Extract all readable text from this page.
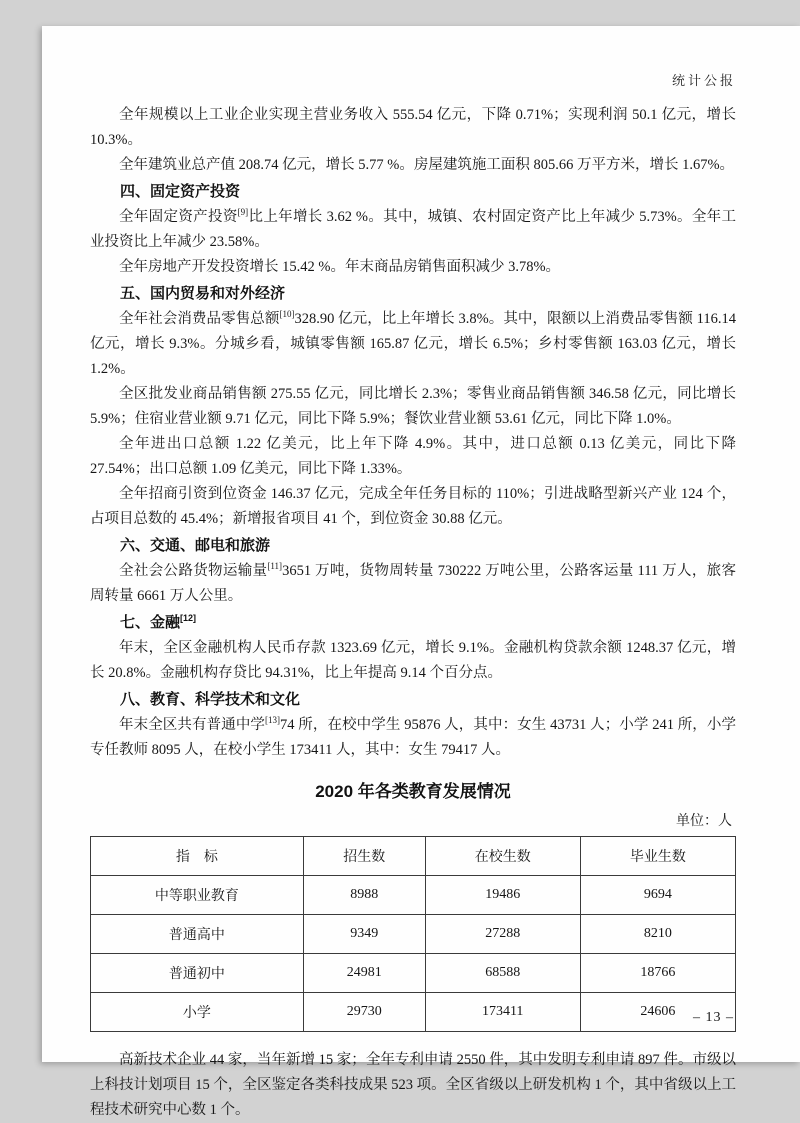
统计公报

全年规模以上工业企业实现主营业务收入 555.54 亿元，下降 0.71%；实现利润 50.1 亿元，增长 10.3%。

全年建筑业总产值 208.74 亿元，增长 5.77 %。房屋建筑施工面积 805.66 万平方米，增长 1.67%。

四、固定资产投资

全年固定资产投资[9]比上年增长 3.62 %。其中，城镇、农村固定资产比上年减少 5.73%。全年工业投资比上年减少 23.58%。

全年房地产开发投资增长 15.42 %。年末商品房销售面积减少 3.78%。

五、国内贸易和对外经济

全年社会消费品零售总额[10]328.90 亿元，比上年增长 3.8%。其中，限额以上消费品零售额 116.14 亿元，增长 9.3%。分城乡看，城镇零售额 165.87 亿元，增长 6.5%；乡村零售额 163.03 亿元，增长 1.2%。

全区批发业商品销售额 275.55 亿元，同比增长 2.3%；零售业商品销售额 346.58 亿元，同比增长 5.9%；住宿业营业额 9.71 亿元，同比下降 5.9%；餐饮业营业额 53.61 亿元，同比下降 1.0%。

全年进出口总额 1.22 亿美元，比上年下降 4.9%。其中，进口总额 0.13 亿美元，同比下降 27.54%；出口总额 1.09 亿美元，同比下降 1.33%。

全年招商引资到位资金 146.37 亿元，完成全年任务目标的 110%；引进战略型新兴产业 124 个，占项目总数的 45.4%；新增报省项目 41 个，到位资金 30.88 亿元。

六、交通、邮电和旅游

全社会公路货物运输量[11]3651 万吨，货物周转量 730222 万吨公里，公路客运量 111 万人，旅客周转量 6661 万人公里。

七、金融[12]

年末，全区金融机构人民币存款 1323.69 亿元，增长 9.1%。金融机构贷款余额 1248.37 亿元，增长 20.8%。金融机构存贷比 94.31%，比上年提高 9.14 个百分点。

八、教育、科学技术和文化

年末全区共有普通中学[13]74 所，在校中学生 95876 人，其中：女生 43731 人；小学 241 所，小学专任教师 8095 人，在校小学生 173411 人，其中：女生 79417 人。

2020 年各类教育发展情况

单位：人

指　标	招生数	在校生数	毕业生数
中等职业教育	8988	19486	9694
普通高中	9349	27288	8210
普通初中	24981	68588	18766
小学	29730	173411	24606

高新技术企业 44 家，当年新增 15 家；全年专利申请 2550 件，其中发明专利申请 897 件。市级以上科技计划项目 15 个，全区鉴定各类科技成果 523 项。全区省级以上研发机构 1 个，其中省级以上工程技术研究中心数 1 个。

– 13 –
